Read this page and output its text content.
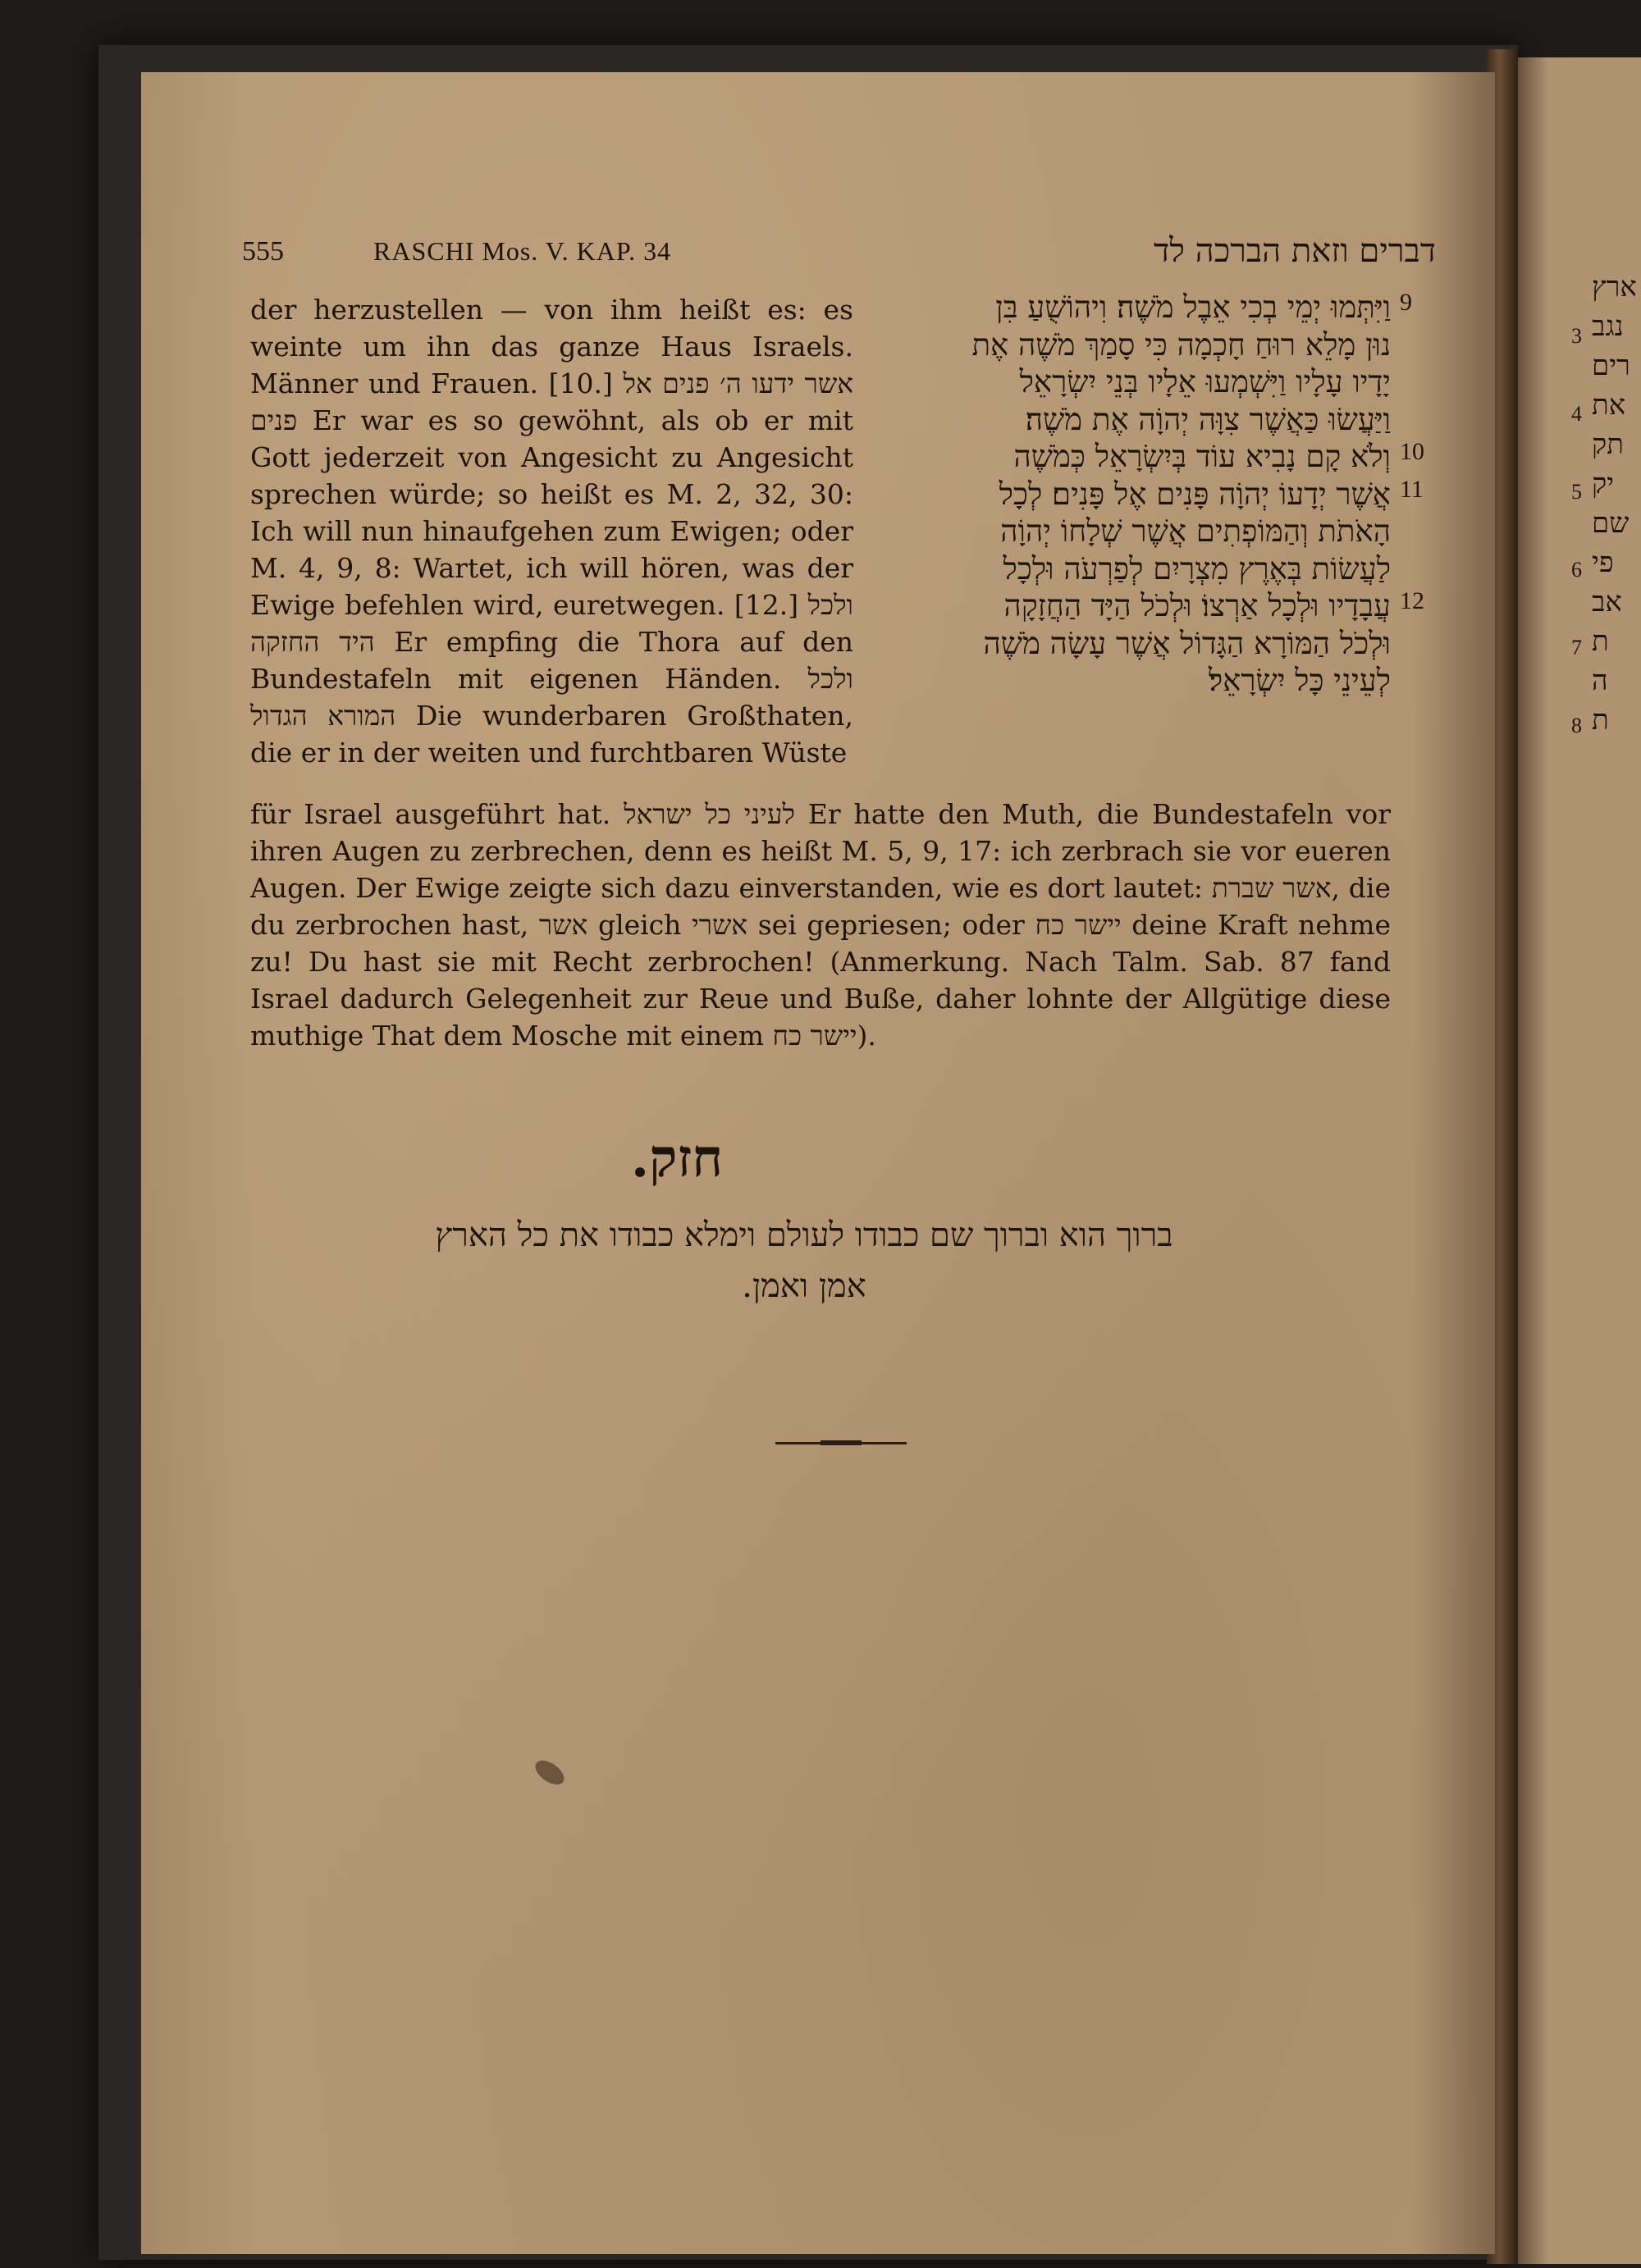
555	RASCHI Mos. V. KAP. 34	דברים וזאת הברכה לד

der herzustellen — von ihm heißt es: es weinte um ihn das ganze Haus Israels. Männer und Frauen. [10.] אשר ידעו ה׳ פנים אל פנים Er war es so gewöhnt, als ob er mit Gott jederzeit von Angesicht zu Angesicht sprechen würde; so heißt es M. 2, 32, 30: Ich will nun hinaufgehen zum Ewigen; oder M. 4, 9, 8: Wartet, ich will hören, was der Ewige befehlen wird, euretwegen. [12.] ולכל היד החזקה Er empfing die Thora auf den Bundestafeln mit eigenen Händen. ולכל המורא הגדול Die wunderbaren Großthaten, die er in der weiten und furchtbaren Wüste

וַיִּתְּמוּ יְמֵי בְכִי אֵבֶל מֹשֶׁה׃ וִיהוֹשֻׁעַ בִּן

נוּן מָלֵא רוּחַ חָכְמָה כִּי סָמַךְ מֹשֶׁה אֶת

יָדָיו עָלָיו וַיִּשְׁמְעוּ אֵלָיו בְּנֵי יִשְׂרָאֵל

וַיַּעֲשׂוּ כַּאֲשֶׁר צִוָּה יְהוָֹה אֶת מֹשֶׁה׃

וְלֹא קָם נָבִיא עוֹד בְּיִשְׂרָאֵל כְּמֹשֶׁה

אֲשֶׁר יְדָעוֹ יְהוָֹה פָּנִים אֶל פָּנִים׃ לְכָל

הָאֹתֹת וְהַמּוֹפְתִים אֲשֶׁר שְׁלָחוֹ יְהוָֹה

לַעֲשׂוֹת בְּאֶרֶץ מִצְרָיִם לְפַרְעֹה וּלְכָל

עֲבָדָיו וּלְכָל אַרְצוֹ׃ וּלְכֹל הַיָּד הַחֲזָקָה

וּלְכֹל הַמּוֹרָא הַגָּדוֹל אֲשֶׁר עָשָׂה מֹשֶׁה

לְעֵינֵי כָּל יִשְׂרָאֵל׃

9
10
11
12

für Israel ausgeführt hat. לעיני כל ישראל Er hatte den Muth, die Bundestafeln vor ihren Augen zu zerbrechen, denn es heißt M. 5, 9, 17: ich zerbrach sie vor eueren Augen. Der Ewige zeigte sich dazu einverstanden, wie es dort lautet: אשר שברת, die du zerbrochen hast, אשר gleich אשרי sei gepriesen; oder יישר כח deine Kraft nehme zu! Du hast sie mit Recht zerbrochen! (Anmerkung. Nach Talm. Sab. 87 fand Israel dadurch Gelegenheit zur Reue und Buße, daher lohnte der Allgütige diese muthige That dem Mosche mit einem יישר כח).

חזק.
ברוך הוא וברוך שם כבודו לעולם וימלא כבודו את כל הארץ
אמן ואמן.
ארץ
נגב
רים
את
תק
יק
שם
פי
אב
ת
ה
ת
3
4
5
6
7
8
